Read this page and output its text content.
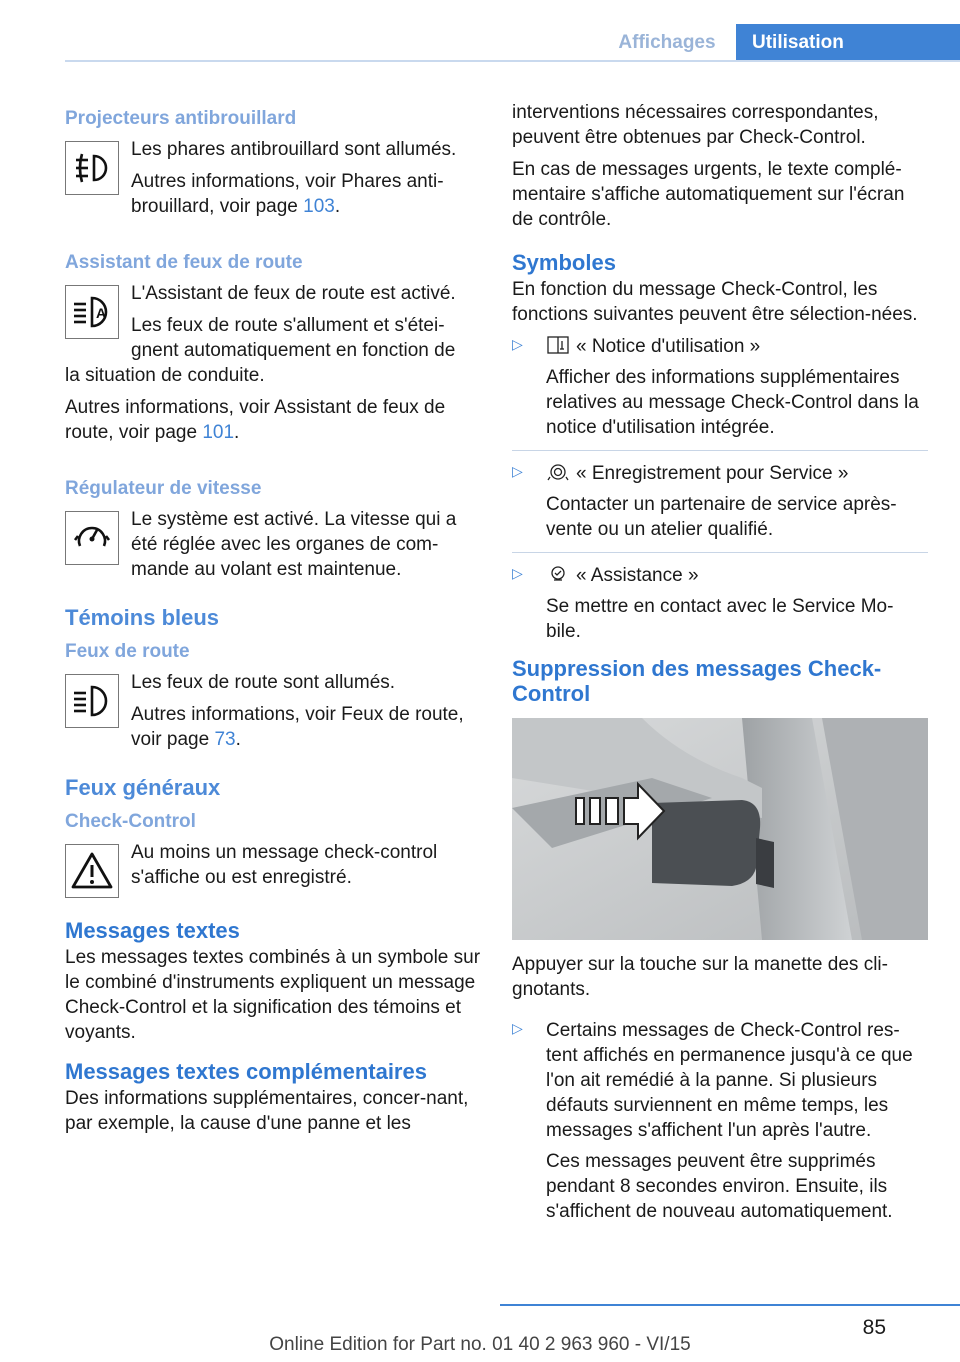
Affichages	Utilisation
Projecteurs antibrouillard

Les phares antibrouillard sont allumés.

Autres informations, voir Phares anti-brouillard, voir page 103.

Assistant de feux de route
A

L'Assistant de feux de route est activé.

Les feux de route s'allument et s'étei-gnent automatiquement en fonction de

la situation de conduite.

Autres informations, voir Assistant de feux de route, voir page 101.

Régulateur de vitesse

Le système est activé. La vitesse qui a été réglée avec les organes de com-mande au volant est maintenue.

Témoins bleus
Feux de route

Les feux de route sont allumés.

Autres informations, voir Feux de route, voir page 73.

Feux généraux
Check-Control

Au moins un message check-control s'affiche ou est enregistré.

Messages textes

Les messages textes combinés à un symbole sur le combiné d'instruments expliquent un message Check-Control et la signification des témoins et voyants.

Messages textes complémentaires

Des informations supplémentaires, concer-nant, par exemple, la cause d'une panne et les

interventions nécessaires correspondantes, peuvent être obtenues par Check-Control.

En cas de messages urgents, le texte complé-mentaire s'affiche automatiquement sur l'écran de contrôle.

Symboles

En fonction du message Check-Control, les fonctions suivantes peuvent être sélection-nées.

▷	« Notice d'utilisation »

Afficher des informations supplémentaires relatives au message Check-Control dans la notice d'utilisation intégrée.

▷	« Enregistrement pour Service »

Contacter un partenaire de service après-vente ou un atelier qualifié.

▷	« Assistance »

Se mettre en contact avec le Service Mo-bile.

Suppression des messages Check-Control

Appuyer sur la touche sur la manette des cli-gnotants.

▷ Certains messages de Check-Control res-tent affichés en permanence jusqu'à ce que l'on ait remédié à la panne. Si plusieurs défauts surviennent en même temps, les messages s'affichent l'un après l'autre.

Ces messages peuvent être supprimés pendant 8 secondes environ. Ensuite, ils s'affichent de nouveau automatiquement.

85
Online Edition for Part no. 01 40 2 963 960 - VI/15
